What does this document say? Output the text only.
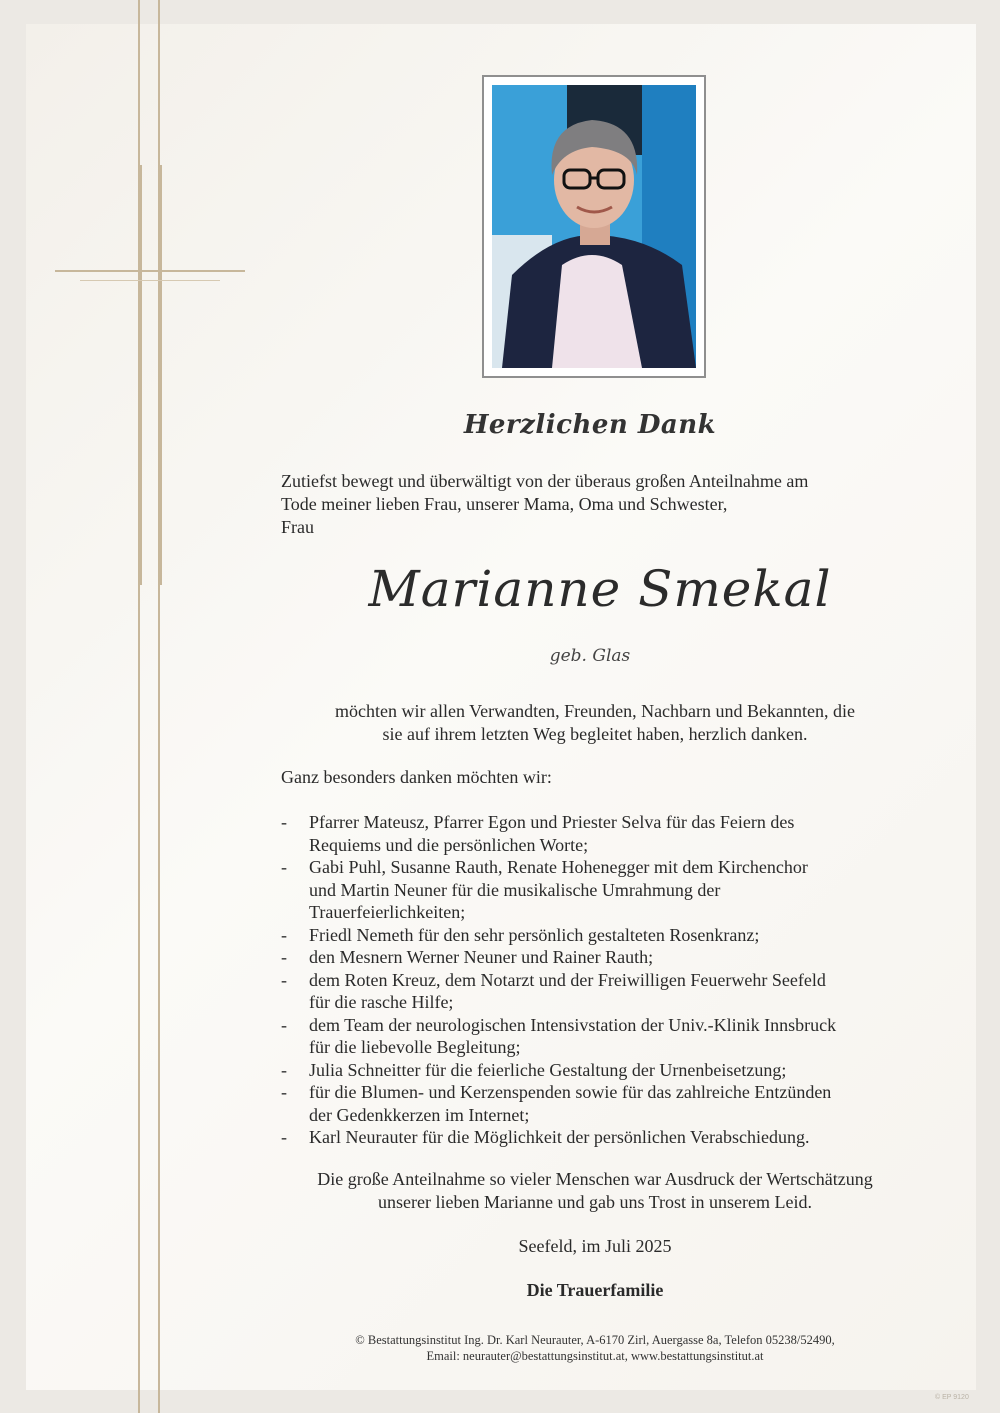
Herzlichen Dank
Zutiefst bewegt und überwältigt von der überaus großen Anteilnahme am
Tode meiner lieben Frau, unserer Mama, Oma und Schwester,
Frau
Marianne Smekal
geb. Glas
möchten wir allen Verwandten, Freunden, Nachbarn und Bekannten, die
sie auf ihrem letzten Weg begleitet haben, herzlich danken.
Ganz besonders danken möchten wir:
- Pfarrer Mateusz, Pfarrer Egon und Priester Selva für das Feiern des
Requiems und die persönlichen Worte;
- Gabi Puhl, Susanne Rauth, Renate Hohenegger mit dem Kirchenchor
und Martin Neuner für die musikalische Umrahmung der
Trauerfeierlichkeiten;
- Friedl Nemeth für den sehr persönlich gestalteten Rosenkranz;
- den Mesnern Werner Neuner und Rainer Rauth;
- dem Roten Kreuz, dem Notarzt und der Freiwilligen Feuerwehr Seefeld
für die rasche Hilfe;
- dem Team der neurologischen Intensivstation der Univ.-Klinik Innsbruck
für die liebevolle Begleitung;
- Julia Schneitter für die feierliche Gestaltung der Urnenbeisetzung;
- für die Blumen- und Kerzenspenden sowie für das zahlreiche Entzünden
der Gedenkkerzen im Internet;
- Karl Neurauter für die Möglichkeit der persönlichen Verabschiedung.
Die große Anteilnahme so vieler Menschen war Ausdruck der Wertschätzung
unserer lieben Marianne und gab uns Trost in unserem Leid.
Seefeld, im Juli 2025
Die Trauerfamilie
© Bestattungsinstitut Ing. Dr. Karl Neurauter, A-6170 Zirl, Auergasse 8a, Telefon 05238/52490,
Email: neurauter@bestattungsinstitut.at, www.bestattungsinstitut.at
© EP 9120
